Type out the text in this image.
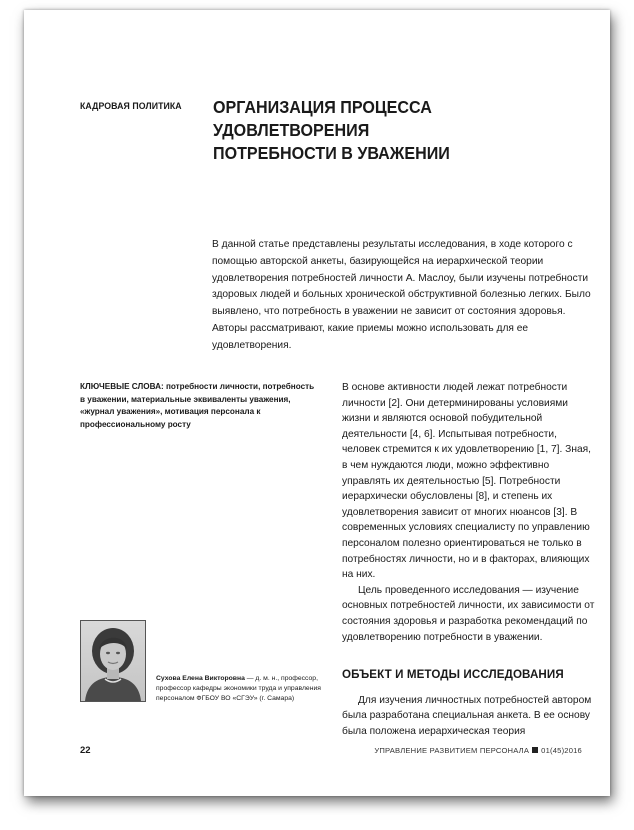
КАДРОВАЯ ПОЛИТИКА ОРГАНИЗАЦИЯ ПРОЦЕССА УДОВЛЕТВОРЕНИЯ
ПОТРЕБНОСТИ В УВАЖЕНИИ

В данной статье представлены результаты исследования, в ходе которого с помощью авторской анкеты, базирующейся на иерархической теории удовлетворения потребностей личности А. Маслоу, были изучены потребности здоровых людей и больных хронической обструктивной болезнью легких. Было выявлено, что потребность в уважении не зависит от состояния здоровья. Авторы рассматривают, какие приемы можно использовать для ее удовлетворения.

КЛЮЧЕВЫЕ СЛОВА: потребности личности, потребность в уважении, материальные эквиваленты уважения, «журнал уважения», мотивация персонала к профессиональному росту

В основе активности людей лежат потребности личности [2]. Они детерминированы условиями жизни и являются основой побудительной деятельности [4, 6]. Испытывая потребности, человек стремится к их удовлетворению [1, 7]. Зная, в чем нуждаются люди, можно эффективно управлять их деятельностью [5]. Потребности иерархически обусловлены [8], и степень их удовлетворения зависит от многих нюансов [3]. В современных условиях специалисту по управлению персоналом полезно ориентироваться не только в потребностях личности, но и в факторах, влияющих на них.

Цель проведенного исследования — изучение основных потребностей личности, их зависимости от состояния здоровья и разработка рекомендаций по удовлетворению потребности в уважении.

ОБЪЕКТ И МЕТОДЫ ИССЛЕДОВАНИЯ

Для изучения личностных потребностей автором была разработана специальная анкета. В ее основу была положена иерархическая теория

Сухова Елена Викторовна — д. м. н., профессор, профессор кафедры экономики труда и управления персоналом ФГБОУ ВО «СГЭУ» (г. Самара)

22	УПРАВЛЕНИЕ РАЗВИТИЕМ ПЕРСОНАЛА 01(45)2016
